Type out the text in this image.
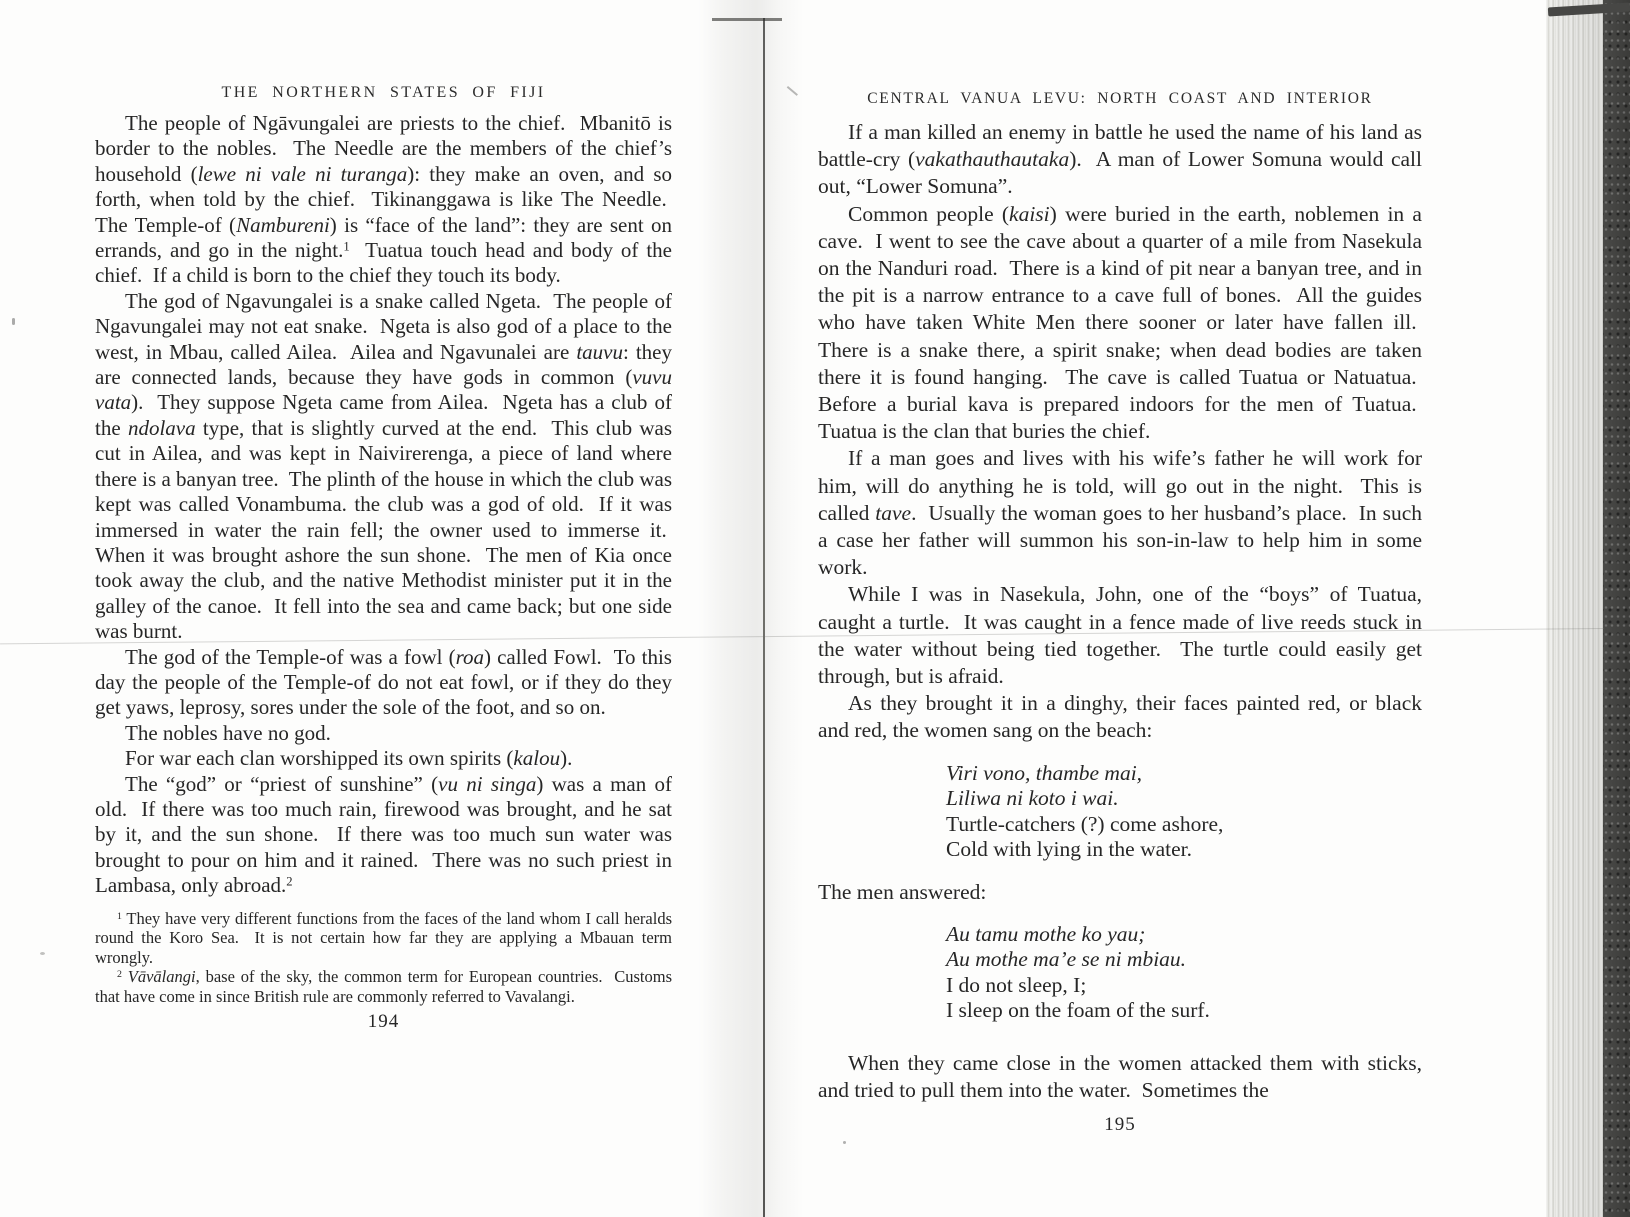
THE NORTHERN STATES OF FIJI

The people of Ngāvungalei are priests to the chief.  Mbanitō is border to the nobles.  The Needle are the members of the chief’s household (lewe ni vale ni turanga): they make an oven, and so forth, when told by the chief.  Tikinanggawa is like The Needle.  The Temple-of (Nambureni) is “face of the land”: they are sent on errands, and go in the night.$^1$  Tuatua touch head and body of the chief.  If a child is born to the chief they touch its body.

The god of Ngavungalei is a snake called Ngeta.  The people of Ngavungalei may not eat snake.  Ngeta is also god of a place to the west, in Mbau, called Ailea.  Ailea and Ngavunalei are tauvu: they are connected lands, because they have gods in common (vuvu vata).  They suppose Ngeta came from Ailea.  Ngeta has a club of the ndolava type, that is slightly curved at the end.  This club was cut in Ailea, and was kept in Naivirerenga, a piece of land where there is a banyan tree.  The plinth of the house in which the club was kept was called Vonambuma. the club was a god of old.  If it was immersed in water the rain fell; the owner used to immerse it.  When it was brought ashore the sun shone.  The men of Kia once took away the club, and the native Methodist minister put it in the galley of the canoe.  It fell into the sea and came back; but one side was burnt.

The god of the Temple-of was a fowl (roa) called Fowl.  To this day the people of the Temple-of do not eat fowl, or if they do they get yaws, leprosy, sores under the sole of the foot, and so on.

The nobles have no god.

For war each clan worshipped its own spirits (kalou).

The “god” or “priest of sunshine” (vu ni singa) was a man of old.  If there was too much rain, firewood was brought, and he sat by it, and the sun shone.  If there was too much sun water was brought to pour on him and it rained.  There was no such priest in Lambasa, only abroad.$^2$

$^1$ They have very different functions from the faces of the land whom I call heralds round the Koro Sea.  It is not certain how far they are applying a Mbauan term wrongly.

$^2$ Vāvālangi, base of the sky, the common term for European countries.  Customs that have come in since British rule are commonly referred to Vavalangi.

194
CENTRAL VANUA LEVU: NORTH COAST AND INTERIOR

If a man killed an enemy in battle he used the name of his land as battle-cry (vakathauthautaka).  A man of Lower Somuna would call out, “Lower Somuna”.

Common people (kaisi) were buried in the earth, noblemen in a cave.  I went to see the cave about a quarter of a mile from Nasekula on the Nanduri road.  There is a kind of pit near a banyan tree, and in the pit is a narrow entrance to a cave full of bones.  All the guides who have taken White Men there sooner or later have fallen ill.  There is a snake there, a spirit snake; when dead bodies are taken there it is found hanging.  The cave is called Tuatua or Natuatua.  Before a burial kava is prepared indoors for the men of Tuatua.  Tuatua is the clan that buries the chief.

If a man goes and lives with his wife’s father he will work for him, will do anything he is told, will go out in the night.  This is called tave.  Usually the woman goes to her husband’s place.  In such a case her father will summon his son-in-law to help him in some work.

While I was in Nasekula, John, one of the “boys” of Tuatua, caught a turtle.  It was caught in a fence made of live reeds stuck in the water without being tied together.  The turtle could easily get through, but is afraid.

As they brought it in a dinghy, their faces painted red, or black and red, the women sang on the beach:

Viri vono, thambe mai,

Liliwa ni koto i wai.

Turtle-catchers (?) come ashore,

Cold with lying in the water.

The men answered:

Au tamu mothe ko yau;

Au mothe ma’e se ni mbiau.

I do not sleep, I;

I sleep on the foam of the surf.

When they came close in the women attacked them with sticks, and tried to pull them into the water.  Sometimes the

195
